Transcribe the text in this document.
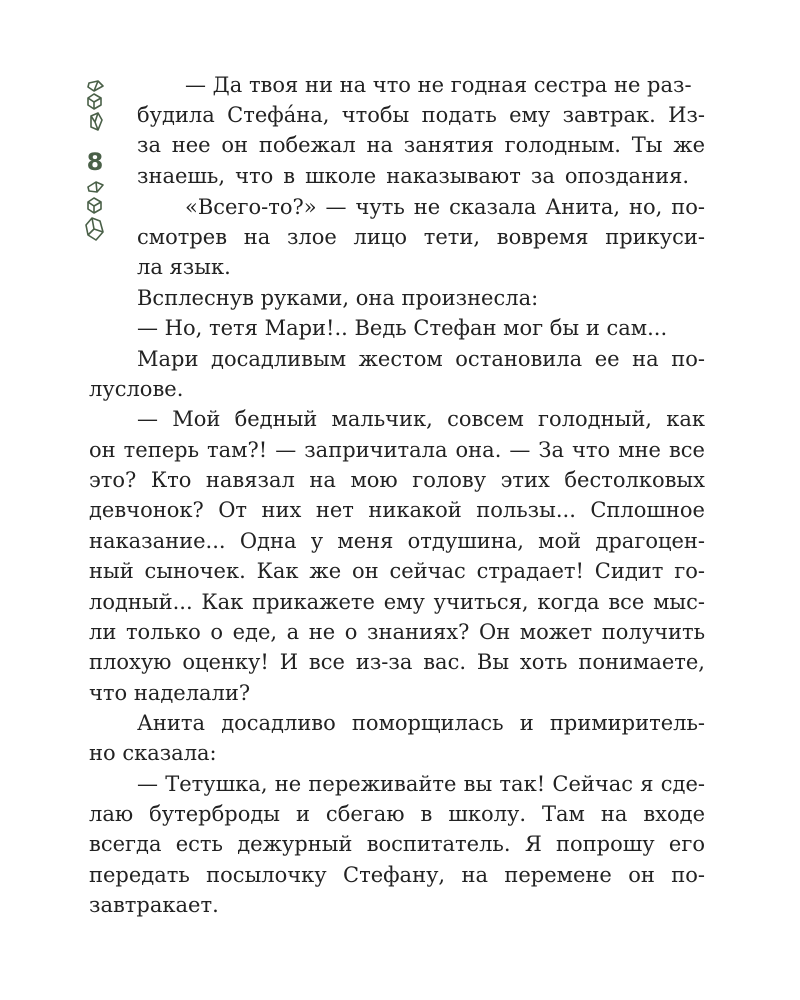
8

— Да твоя ни на что не годная сестра не раз-

будила Стефа́на, чтобы подать ему завтрак. Из-

за нее он побежал на занятия голодным. Ты же

знаешь, что в школе наказывают за опоздания.

«Всего-то?» — чуть не сказала Анита, но, по-

смотрев на злое лицо тети, вовремя прикуси-

ла язык.

Всплеснув руками, она произнесла:

— Но, тетя Мари!.. Ведь Стефан мог бы и сам...

Мари досадливым жестом остановила ее на по-

луслове.

— Мой бедный мальчик, совсем голодный, как

он теперь там?! — запричитала она. — За что мне все

это? Кто навязал на мою голову этих бестолковых

девчонок? От них нет никакой пользы... Сплошное

наказание... Одна у меня отдушина, мой драгоцен-

ный сыночек. Как же он сейчас страдает! Сидит го-

лодный... Как прикажете ему учиться, когда все мыс-

ли только о еде, а не о знаниях? Он может получить

плохую оценку! И все из-за вас. Вы хоть понимаете,

что наделали?

Анита досадливо поморщилась и примиритель-

но сказала:

— Тетушка, не переживайте вы так! Сейчас я сде-

лаю бутерброды и сбегаю в школу. Там на входе

всегда есть дежурный воспитатель. Я попрошу его

передать посылочку Стефану, на перемене он по-

завтракает.
